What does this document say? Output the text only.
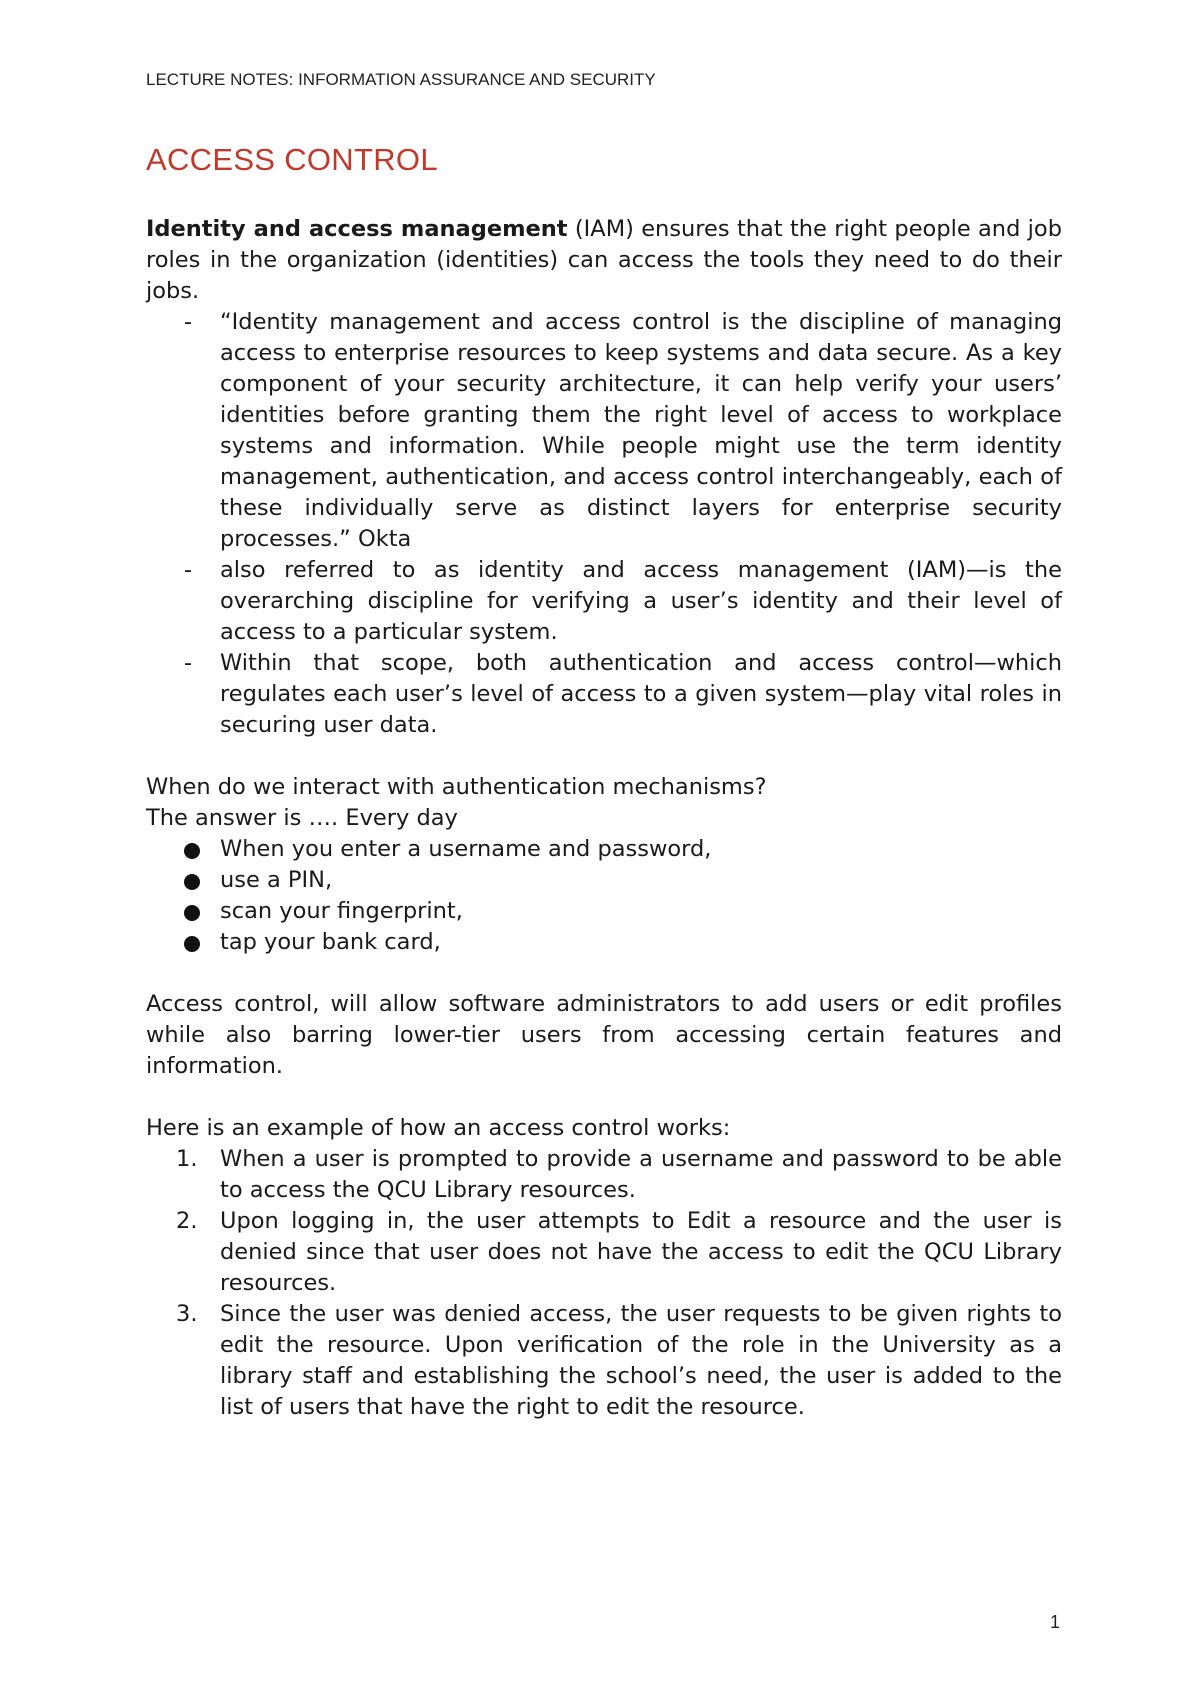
LECTURE NOTES: INFORMATION ASSURANCE AND SECURITY
ACCESS CONTROL

Identity and access management (IAM) ensures that the right people and job roles in the organization (identities) can access the tools they need to do their jobs.

- “Identity management and access control is the discipline of managing access to enterprise resources to keep systems and data secure. As a key component of your security architecture, it can help verify your users’ identities before granting them the right level of access to workplace systems and information. While people might use the term identity management, authentication, and access control interchangeably, each of these individually serve as distinct layers for enterprise security processes.” Okta
- also referred to as identity and access management (IAM)—is the overarching discipline for verifying a user’s identity and their level of access to a particular system.
- Within that scope, both authentication and access control—which regulates each user’s level of access to a given system—play vital roles in securing user data.

When do we interact with authentication mechanisms?

The answer is …. Every day

When you enter a username and password,
use a PIN,
scan your fingerprint,
tap your bank card,

Access control, will allow software administrators to add users or edit profiles while also barring lower-tier users from accessing certain features and information.

Here is an example of how an access control works:

1. When a user is prompted to provide a username and password to be able to access the QCU Library resources.
2. Upon logging in, the user attempts to Edit a resource and the user is denied since that user does not have the access to edit the QCU Library resources.
3. Since the user was denied access, the user requests to be given rights to edit the resource. Upon verification of the role in the University as a library staff and establishing the school’s need, the user is added to the list of users that have the right to edit the resource.
1
